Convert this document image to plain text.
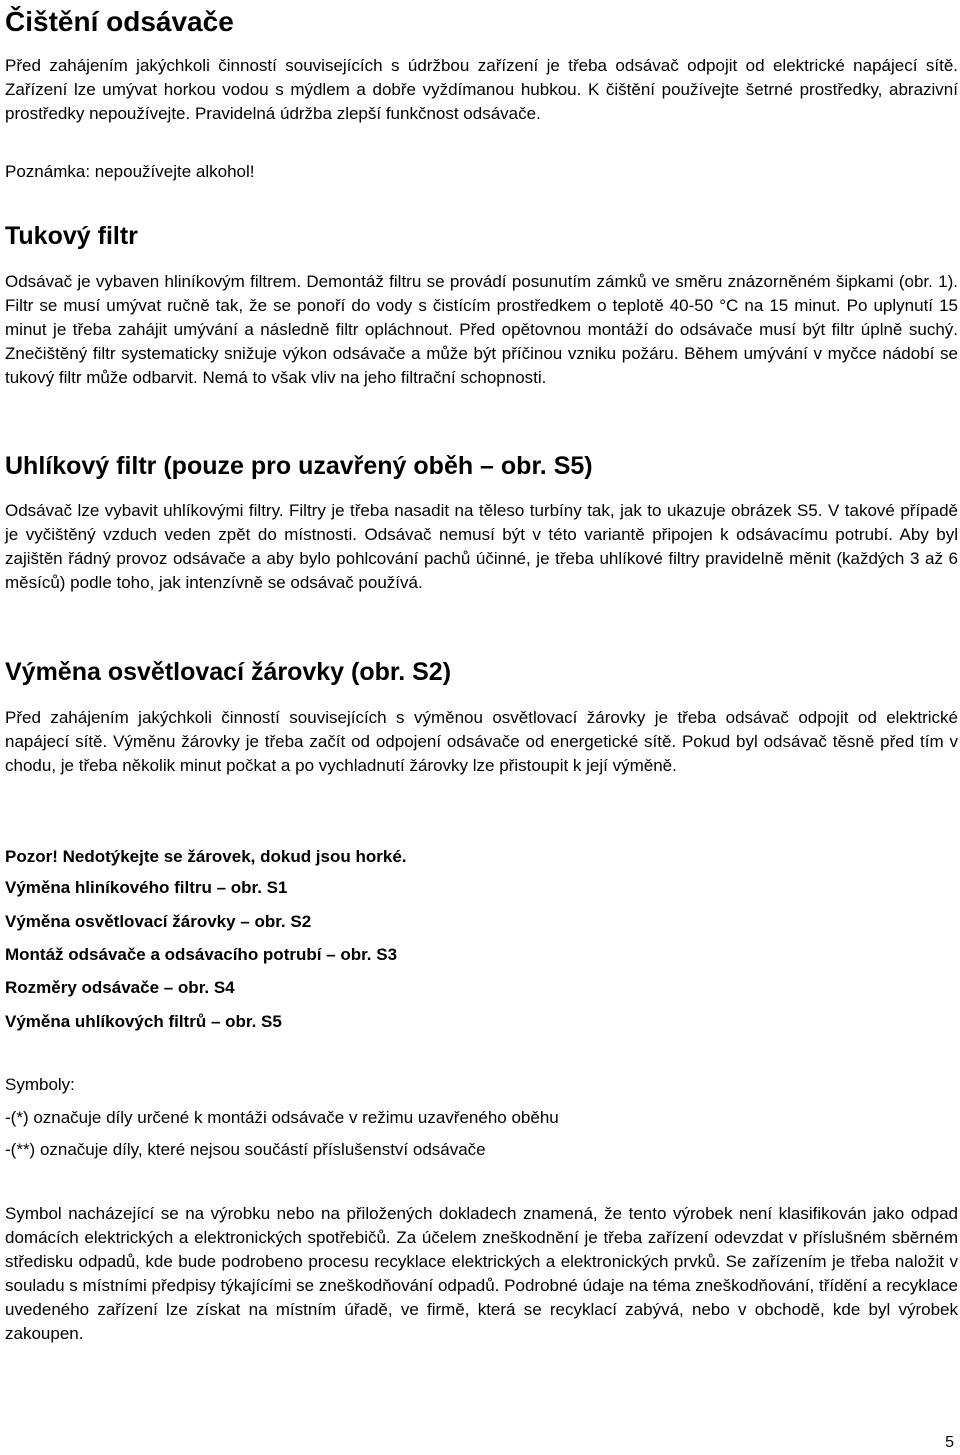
Čištění odsávače

Před zahájením jakýchkoli činností souvisejících s údržbou zařízení je třeba odsávač odpojit od elektrické napájecí sítě. Zařízení lze umývat horkou vodou s mýdlem a dobře vyždímanou hubkou. K čištění používejte šetrné prostředky, abrazivní prostředky nepoužívejte. Pravidelná údržba zlepší funkčnost odsávače.

Poznámka: nepoužívejte alkohol!

Tukový filtr

Odsávač je vybaven hliníkovým filtrem. Demontáž filtru se provádí posunutím zámků ve směru znázorněném šipkami (obr. 1). Filtr se musí umývat ručně tak, že se ponoří do vody s čistícím prostředkem o teplotě 40-50 °C na 15 minut. Po uplynutí 15 minut je třeba zahájit umývání a následně filtr opláchnout. Před opětovnou montáží do odsávače musí být filtr úplně suchý. Znečištěný filtr systematicky snižuje výkon odsávače a může být příčinou vzniku požáru. Během umývání v myčce nádobí se tukový filtr může odbarvit. Nemá to však vliv na jeho filtrační schopnosti.

Uhlíkový filtr (pouze pro uzavřený oběh – obr. S5)

Odsávač lze vybavit uhlíkovými filtry. Filtry je třeba nasadit na těleso turbíny tak, jak to ukazuje obrázek S5. V takové případě je vyčištěný vzduch veden zpět do místnosti. Odsávač nemusí být v této variantě připojen k odsávacímu potrubí. Aby byl zajištěn řádný provoz odsávače a aby bylo pohlcování pachů účinné, je třeba uhlíkové filtry pravidelně měnit (každých 3 až 6 měsíců) podle toho, jak intenzívně se odsávač používá.

Výměna osvětlovací žárovky (obr. S2)

Před zahájením jakýchkoli činností souvisejících s výměnou osvětlovací žárovky je třeba odsávač odpojit od elektrické napájecí sítě. Výměnu žárovky je třeba začít od odpojení odsávače od energetické sítě. Pokud byl odsávač těsně před tím v chodu, je třeba několik minut počkat a po vychladnutí žárovky lze přistoupit k její výměně.

Pozor! Nedotýkejte se žárovek, dokud jsou horké.

Výměna hliníkového filtru – obr. S1

Výměna osvětlovací žárovky – obr. S2

Montáž odsávače a odsávacího potrubí – obr. S3

Rozměry odsávače – obr. S4

Výměna uhlíkových filtrů – obr. S5

Symboly:

-(*) označuje díly určené k montáži odsávače v režimu uzavřeného oběhu

-(**) označuje díly, které nejsou součástí příslušenství odsávače

Symbol nacházející se na výrobku nebo na přiložených dokladech znamená, že tento výrobek není klasifikován jako odpad domácích elektrických a elektronických spotřebičů. Za účelem zneškodnění je třeba zařízení odevzdat v příslušném sběrném středisku odpadů, kde bude podrobeno procesu recyklace elektrických a elektronických prvků. Se zařízením je třeba naložit v souladu s místními předpisy týkajícími se zneškodňování odpadů. Podrobné údaje na téma zneškodňování, třídění a recyklace uvedeného zařízení lze získat na místním úřadě, ve firmě, která se recyklací zabývá, nebo v obchodě, kde byl výrobek zakoupen.

5
